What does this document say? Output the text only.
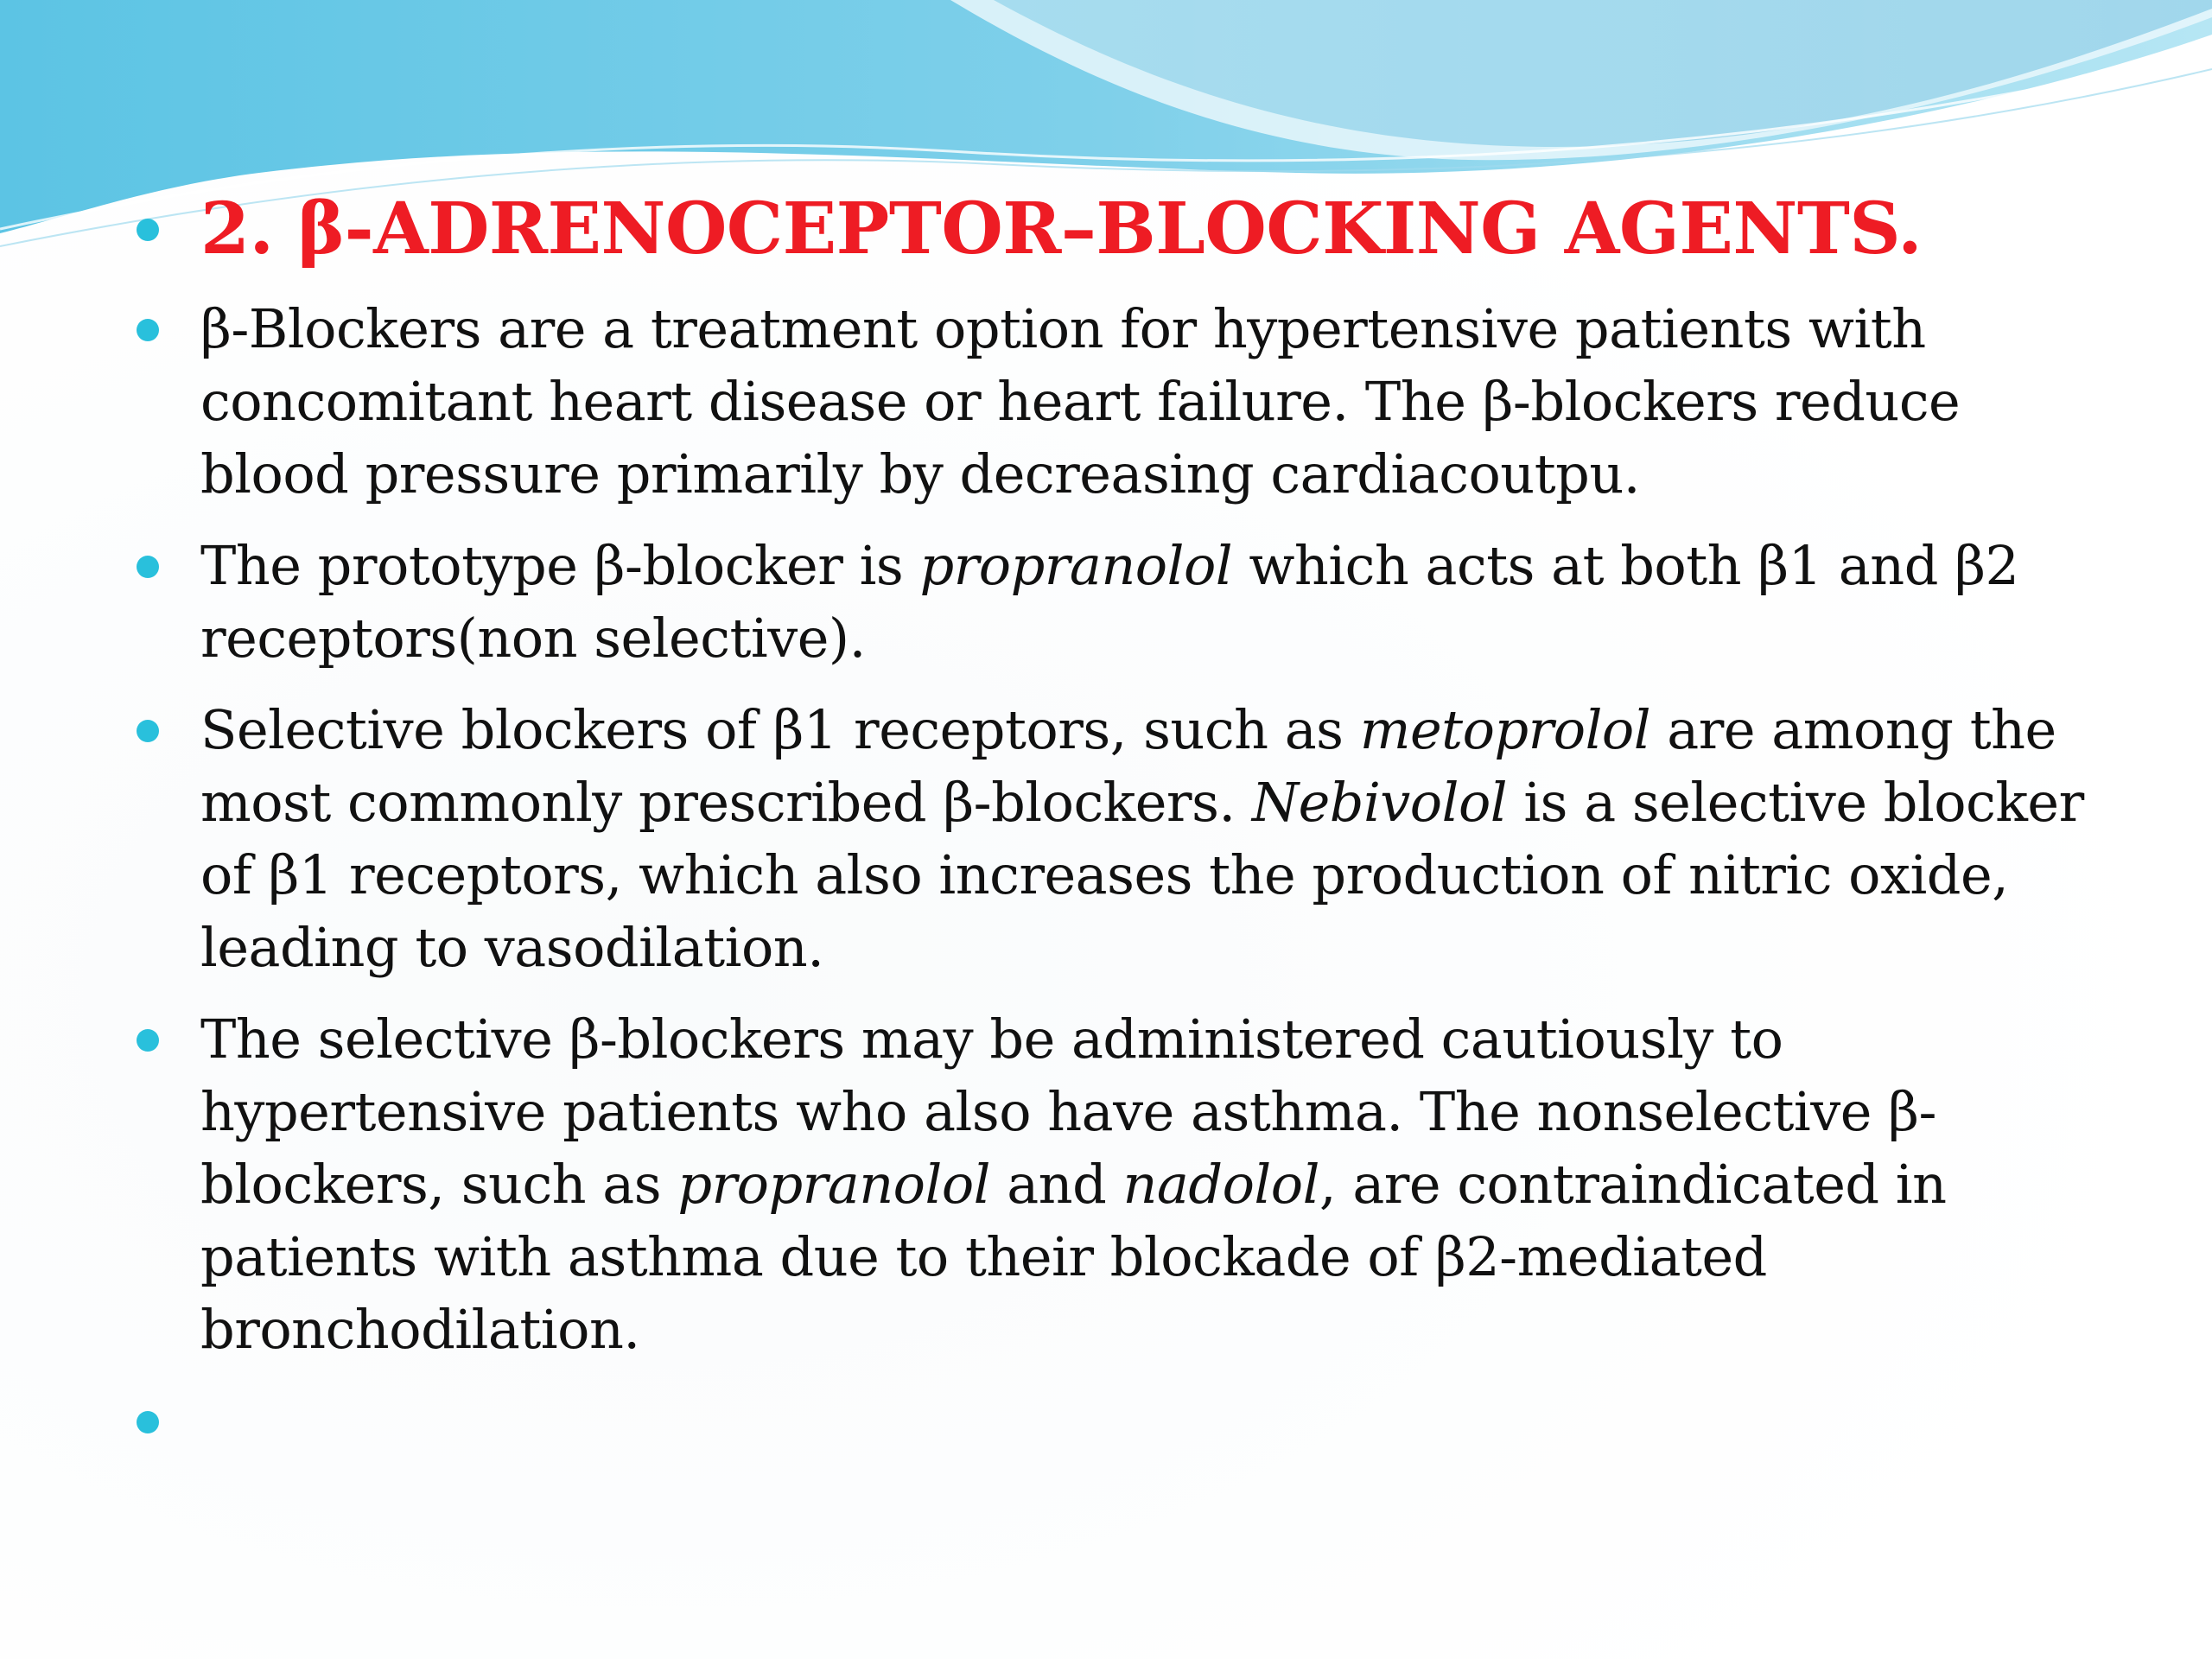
2. β-ADRENOCEPTOR–BLOCKING AGENTS.
β-Blockers are a treatment option for hypertensive patients with concomitant heart disease or heart failure. The β-blockers reduce blood pressure primarily by decreasing cardiacoutpu.
The prototype β-blocker is propranolol which acts at both β1 and β2 receptors(non selective).
Selective blockers of β1 receptors, such as metoprolol are among the most commonly prescribed β-blockers. Nebivolol is a selective blocker of β1 receptors, which also increases the production of nitric oxide, leading to vasodilation.
The selective β-blockers may be administered cautiously to hypertensive patients who also have asthma. The nonselective β-blockers, such as propranolol and nadolol, are contraindicated in patients with asthma due to their blockade of β2-mediated bronchodilation.
